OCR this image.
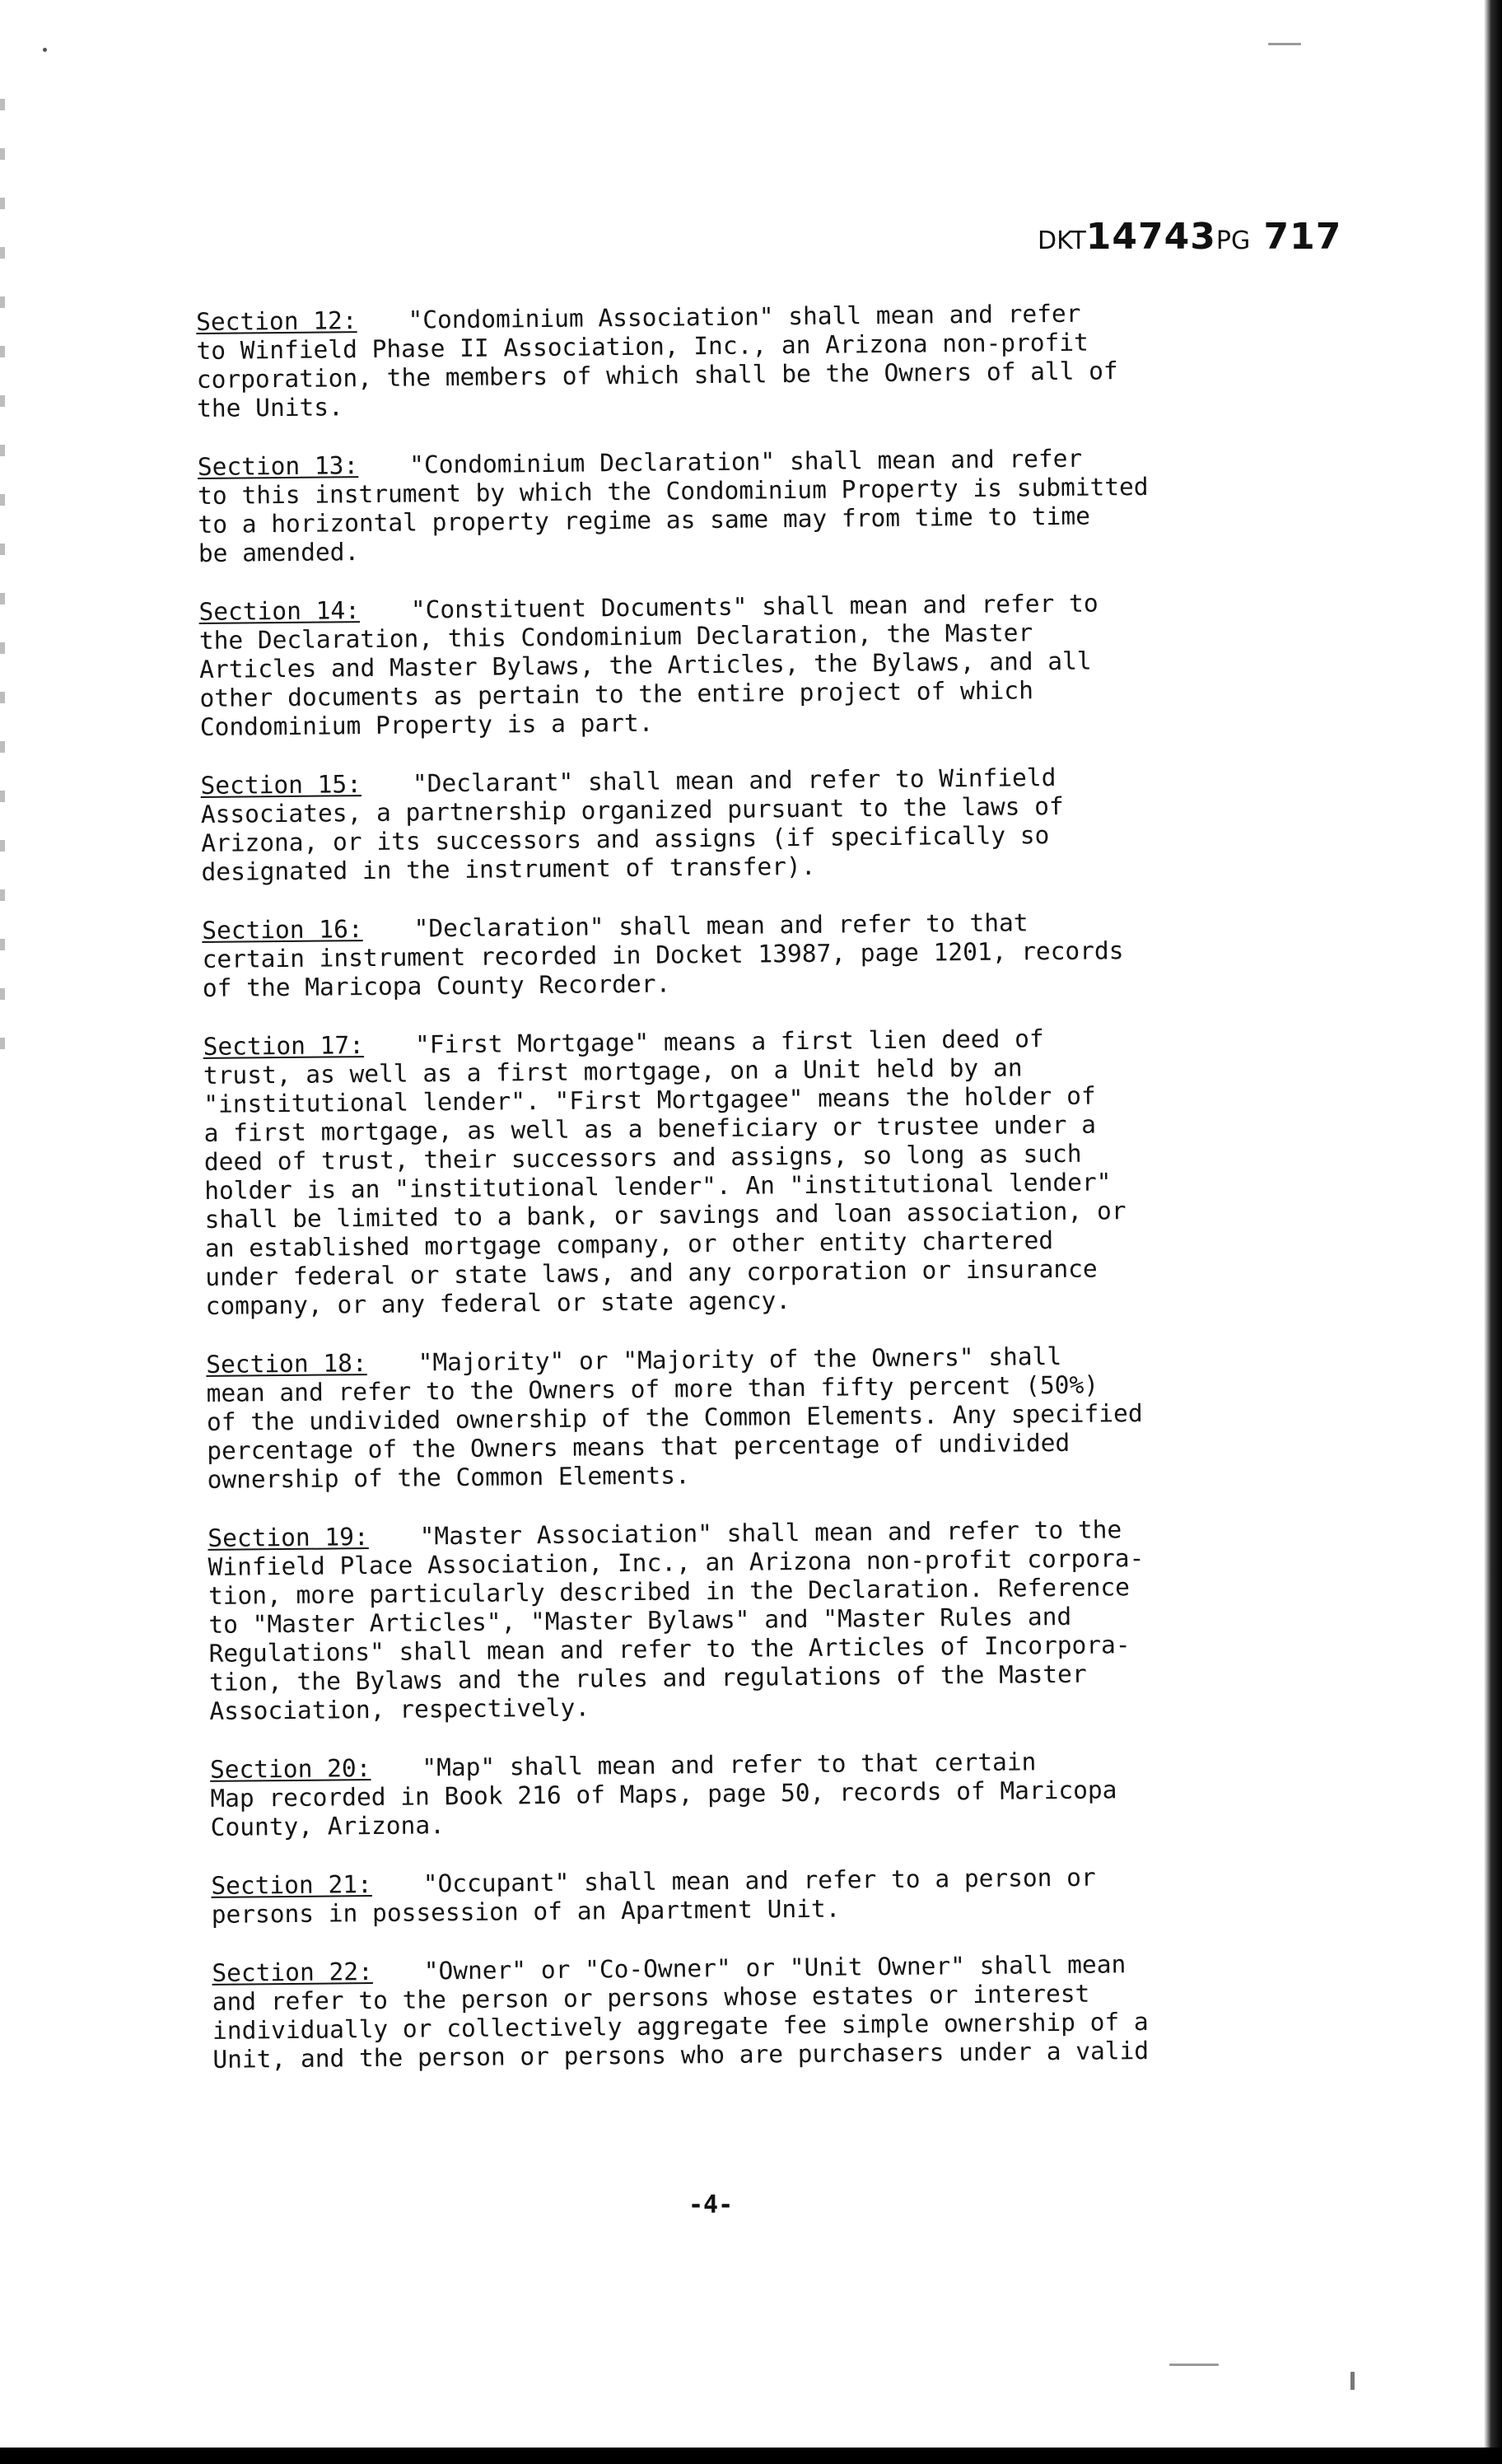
DKT14743PG 717
Section 12: "Condominium Association" shall mean and refer
to Winfield Phase II Association, Inc., an Arizona non-profit
corporation, the members of which shall be the Owners of all of
the Units.
Section 13: "Condominium Declaration" shall mean and refer
to this instrument by which the Condominium Property is submitted
to a horizontal property regime as same may from time to time
be amended.
Section 14: "Constituent Documents" shall mean and refer to
the Declaration, this Condominium Declaration, the Master
Articles and Master Bylaws, the Articles, the Bylaws, and all
other documents as pertain to the entire project of which
Condominium Property is a part.
Section 15: "Declarant" shall mean and refer to Winfield
Associates, a partnership organized pursuant to the laws of
Arizona, or its successors and assigns (if specifically so
designated in the instrument of transfer).
Section 16: "Declaration" shall mean and refer to that
certain instrument recorded in Docket 13987, page 1201, records
of the Maricopa County Recorder.
Section 17: "First Mortgage" means a first lien deed of
trust, as well as a first mortgage, on a Unit held by an
"institutional lender". "First Mortgagee" means the holder of
a first mortgage, as well as a beneficiary or trustee under a
deed of trust, their successors and assigns, so long as such
holder is an "institutional lender". An "institutional lender"
shall be limited to a bank, or savings and loan association, or
an established mortgage company, or other entity chartered
under federal or state laws, and any corporation or insurance
company, or any federal or state agency.
Section 18: "Majority" or "Majority of the Owners" shall
mean and refer to the Owners of more than fifty percent (50%)
of the undivided ownership of the Common Elements. Any specified
percentage of the Owners means that percentage of undivided
ownership of the Common Elements.
Section 19: "Master Association" shall mean and refer to the
Winfield Place Association, Inc., an Arizona non-profit corpora-
tion, more particularly described in the Declaration. Reference
to "Master Articles", "Master Bylaws" and "Master Rules and
Regulations" shall mean and refer to the Articles of Incorpora-
tion, the Bylaws and the rules and regulations of the Master
Association, respectively.
Section 20: "Map" shall mean and refer to that certain
Map recorded in Book 216 of Maps, page 50, records of Maricopa
County, Arizona.
Section 21: "Occupant" shall mean and refer to a person or
persons in possession of an Apartment Unit.
Section 22: "Owner" or "Co-Owner" or "Unit Owner" shall mean
and refer to the person or persons whose estates or interest
individually or collectively aggregate fee simple ownership of a
Unit, and the person or persons who are purchasers under a valid
-4-
